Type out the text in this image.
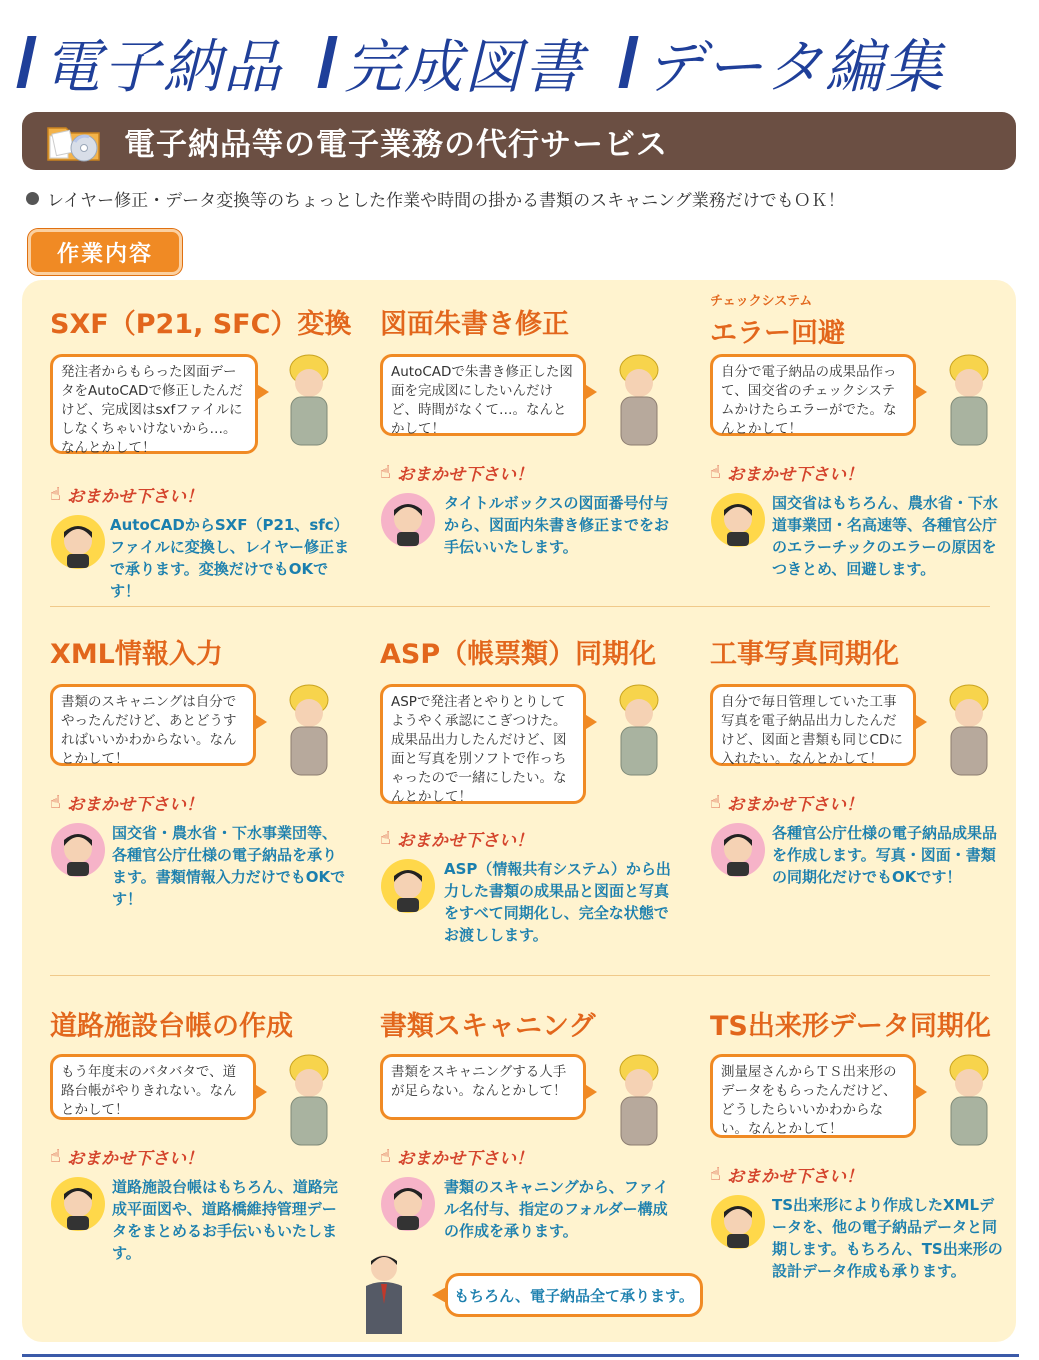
電子納品 完成図書 データ編集
電子納品等の電子業務の代行サービス
レイヤー修正・データ変換等のちょっとした作業や時間の掛かる書類のスキャニング業務だけでもＯＫ！
作業内容
SXF（P21, SFC）変換
発注者からもらった図面データをAutoCADで修正したんだけど、完成図はsxfファイルにしなくちゃいけないから…。なんとかして！
☝ おまかせ下さい！
AutoCADからSXF（P21、sfc）ファイルに変換し、レイヤー修正まで承ります。変換だけでもOKです！
図面朱書き修正
AutoCADで朱書き修正した図面を完成図にしたいんだけど、時間がなくて…。なんとかして！
☝ おまかせ下さい！
タイトルボックスの図面番号付与から、図面内朱書き修正までをお手伝いいたします。
チェックシステム
エラー回避
自分で電子納品の成果品作って、国交省のチェックシステムかけたらエラーがでた。なんとかして！
☝ おまかせ下さい！
国交省はもちろん、農水省・下水道事業団・名高速等、各種官公庁のエラーチックのエラーの原因をつきとめ、回避します。
XML情報入力
書類のスキャニングは自分でやったんだけど、あとどうすればいいかわからない。なんとかして！
☝ おまかせ下さい！
国交省・農水省・下水事業団等、各種官公庁仕様の電子納品を承ります。書類情報入力だけでもOKです！
ASP（帳票類）同期化
ASPで発注者とやりとりしてようやく承認にこぎつけた。成果品出力したんだけど、図面と写真を別ソフトで作っちゃったので一緒にしたい。なんとかして！
☝ おまかせ下さい！
ASP（情報共有システム）から出力した書類の成果品と図面と写真をすべて同期化し、完全な状態でお渡しします。
工事写真同期化
自分で毎日管理していた工事写真を電子納品出力したんだけど、図面と書類も同じCDに入れたい。なんとかして！
☝ おまかせ下さい！
各種官公庁仕様の電子納品成果品を作成します。写真・図面・書類の同期化だけでもOKです！
道路施設台帳の作成
もう年度末のバタバタで、道路台帳がやりきれない。なんとかして！
☝ おまかせ下さい！
道路施設台帳はもちろん、道路完成平面図や、道路橋維持管理データをまとめるお手伝いもいたします。
書類スキャニング
書類をスキャニングする人手が足らない。なんとかして！
☝ おまかせ下さい！
書類のスキャニングから、ファイル名付与、指定のフォルダー構成の作成を承ります。
TS出来形データ同期化
測量屋さんからＴＳ出来形のデータをもらったんだけど、どうしたらいいかわからない。なんとかして！
☝ おまかせ下さい！
TS出来形により作成したXMLデータを、他の電子納品データと同期します。もちろん、TS出来形の設計データ作成も承ります。
もちろん、電子納品全て承ります。
